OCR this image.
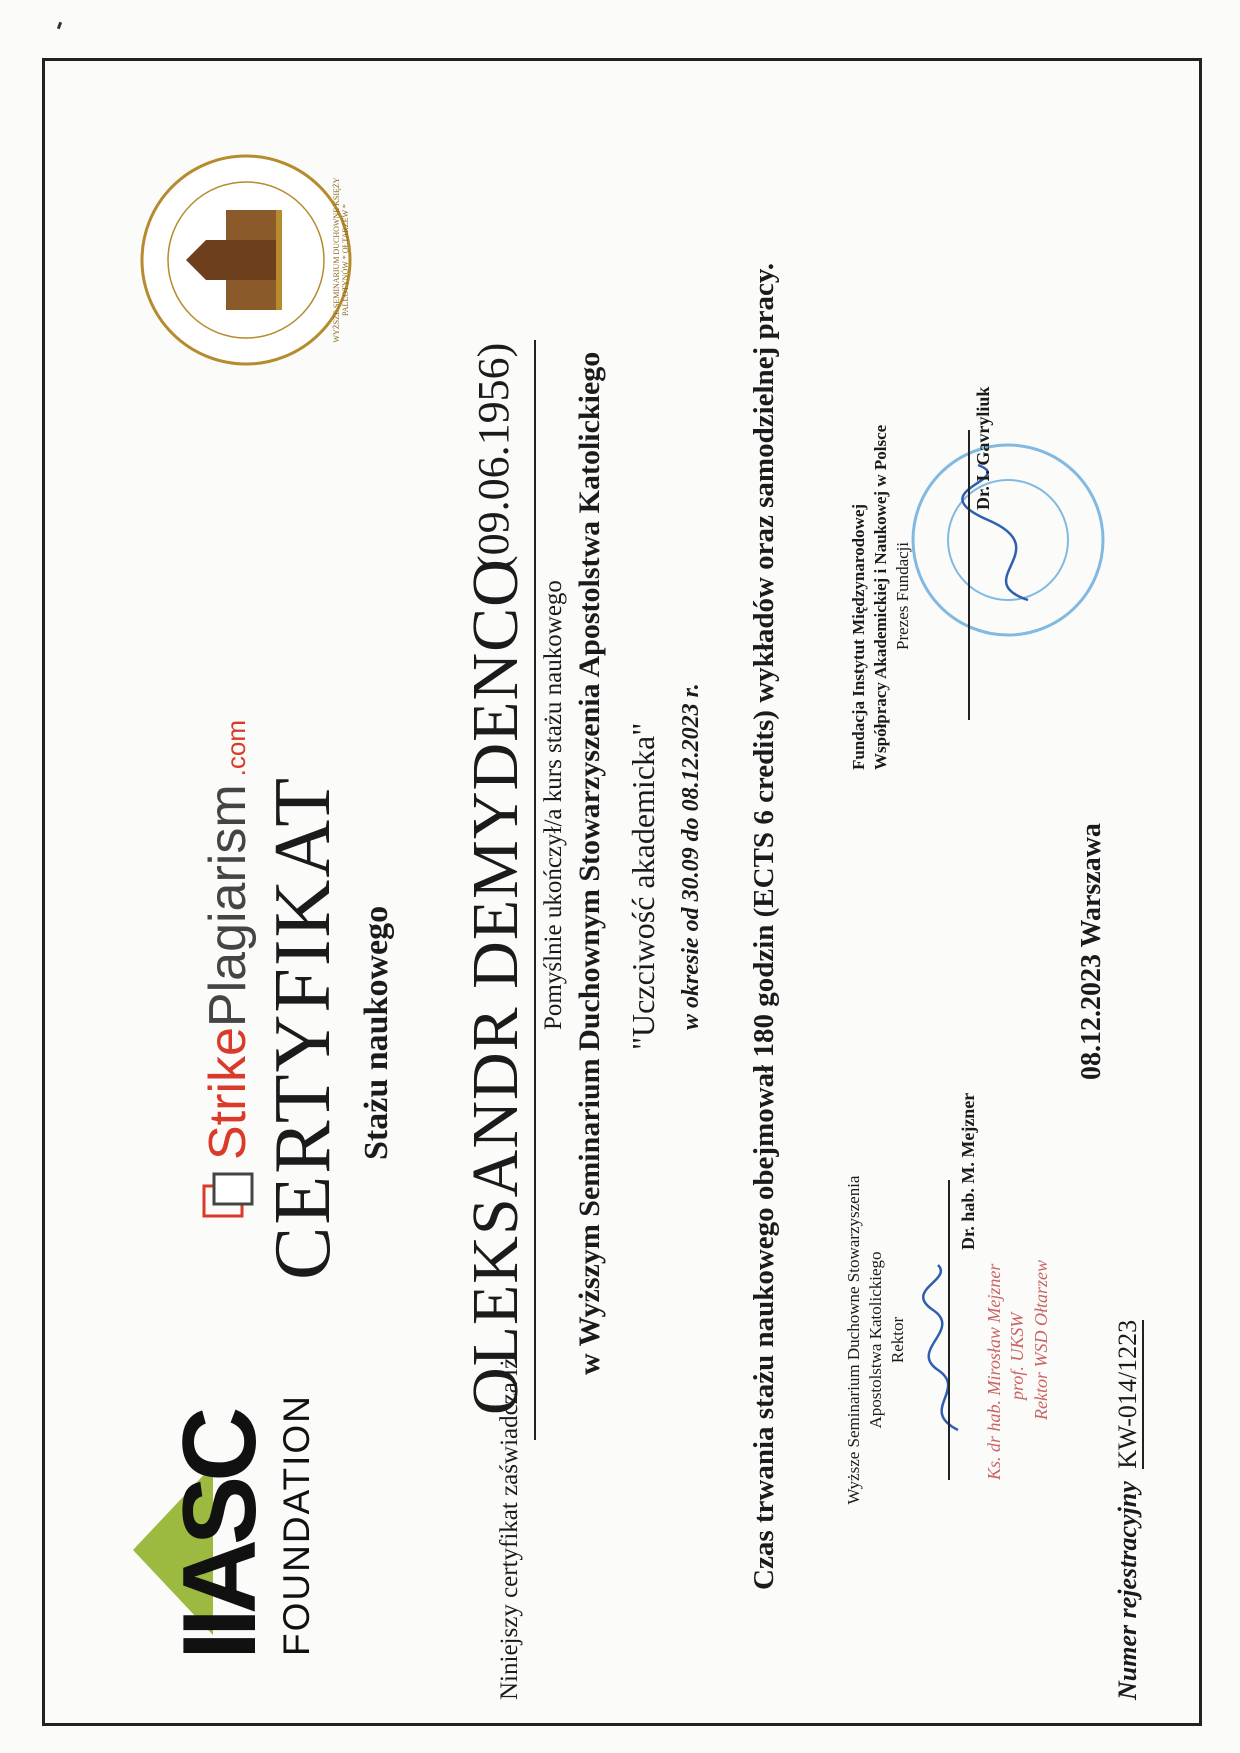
IIASC
FOUNDATION
Strike
Plagiarism
.com
CERTYFIKAT Stażu naukowego
WYŻSZE SEMINARIUM DUCHOWNE KSIĘŻY PALLOTYNÓW * OŁTARZEW *
Niniejszy certyfikat zaświadcza iż
OLEKSANDR DEMYDENCO
(09.06.1956)
Pomyślnie ukończył/a kurs stażu naukowego w Wyższym Seminarium Duchownym Stowarzyszenia Apostolstwa Katolickiego "Uczciwość akademicka" w okresie od 30.09 do 08.12.2023 r. Czas trwania stażu naukowego obejmował 180 godzin (ECTS 6 credits) wykładów oraz samodzielnej pracy.	Wyższe Seminarium Duchowne Stowarzyszenia Apostolstwa Katolickiego Rektor
Dr. hab. M. Mejzner
Ks. dr hab. Mirosław Mejzner prof. UKSW Rektor WSD Ołtarzew
Fundacja Instytut Międzynarodowej Współpracy Akademickiej i Naukowej w Polsce Prezes Fundacji
Dr. I. Gavryliuk
Numer rejestracyjny KW-014/1223
08.12.2023 Warszawa
